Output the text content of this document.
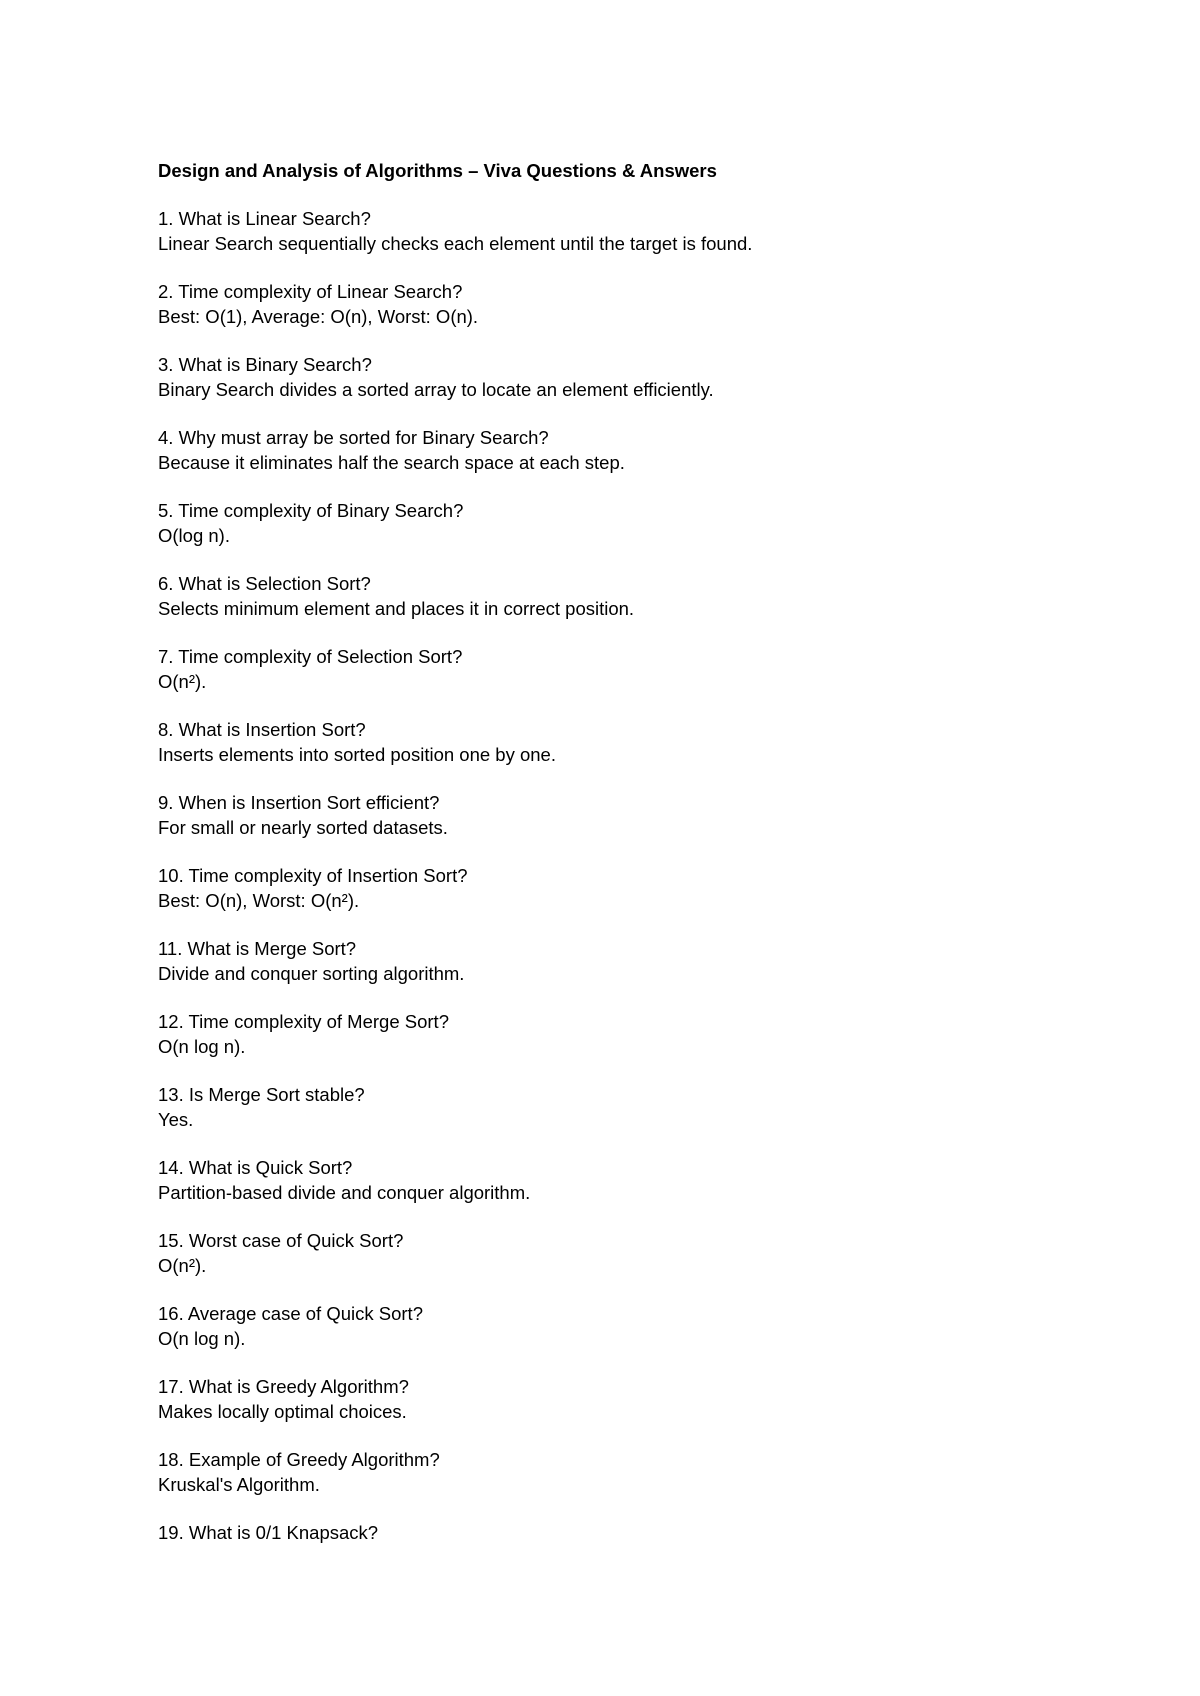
Design and Analysis of Algorithms – Viva Questions & Answers
1. What is Linear Search?
Linear Search sequentially checks each element until the target is found.
2. Time complexity of Linear Search?
Best: O(1), Average: O(n), Worst: O(n).
3. What is Binary Search?
Binary Search divides a sorted array to locate an element efficiently.
4. Why must array be sorted for Binary Search?
Because it eliminates half the search space at each step.
5. Time complexity of Binary Search?
O(log n).
6. What is Selection Sort?
Selects minimum element and places it in correct position.
7. Time complexity of Selection Sort?
O(n²).
8. What is Insertion Sort?
Inserts elements into sorted position one by one.
9. When is Insertion Sort efficient?
For small or nearly sorted datasets.
10. Time complexity of Insertion Sort?
Best: O(n), Worst: O(n²).
11. What is Merge Sort?
Divide and conquer sorting algorithm.
12. Time complexity of Merge Sort?
O(n log n).
13. Is Merge Sort stable?
Yes.
14. What is Quick Sort?
Partition-based divide and conquer algorithm.
15. Worst case of Quick Sort?
O(n²).
16. Average case of Quick Sort?
O(n log n).
17. What is Greedy Algorithm?
Makes locally optimal choices.
18. Example of Greedy Algorithm?
Kruskal's Algorithm.
19. What is 0/1 Knapsack?
